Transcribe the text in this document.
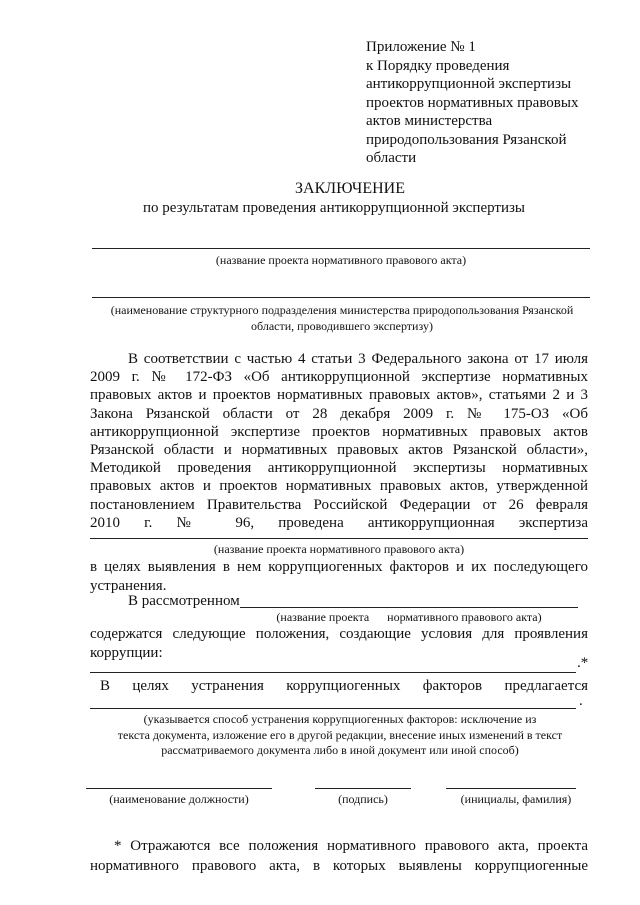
Приложение № 1
к Порядку проведения
антикоррупционной экспертизы
проектов нормативных правовых
актов министерства
природопользования Рязанской
области
ЗАКЛЮЧЕНИЕ
по результатам проведения антикоррупционной экспертизы
(название проекта нормативного правового акта)
(наименование структурного подразделения министерства природопользования Рязанской
области, проводившего экспертизу)
В соответствии с частью 4 статьи 3 Федерального закона от 17 июля
2009 г. № 172-ФЗ «Об антикоррупционной экспертизе нормативных
правовых актов и проектов нормативных правовых актов», статьями 2 и 3
Закона Рязанской области от 28 декабря 2009 г. № 175-ОЗ «Об
антикоррупционной экспертизе проектов нормативных правовых актов
Рязанской области и нормативных правовых актов Рязанской области»,
Методикой проведения антикоррупционной экспертизы нормативных
правовых актов и проектов нормативных правовых актов, утвержденной
постановлением Правительства Российской Федерации от 26 февраля
2010 г. № 96, проведена антикоррупционная экспертиза
(название проекта нормативного правового акта)
в целях выявления в нем коррупциогенных факторов и их последующего
устранения.
В рассмотренном
(название проекта      нормативного правового акта)
содержатся следующие положения, создающие условия для проявления
коррупции:
.*
В целях устранения коррупциогенных факторов предлагается
.
(указывается способ устранения коррупциогенных факторов: исключение из
текста документа, изложение его в другой редакции, внесение иных изменений в текст
рассматриваемого документа либо в иной документ или иной способ)
(наименование должности)	(подпись)	(инициалы, фамилия)
* Отражаются все положения нормативного правового акта, проекта
нормативного правового акта, в которых выявлены коррупциогенные
